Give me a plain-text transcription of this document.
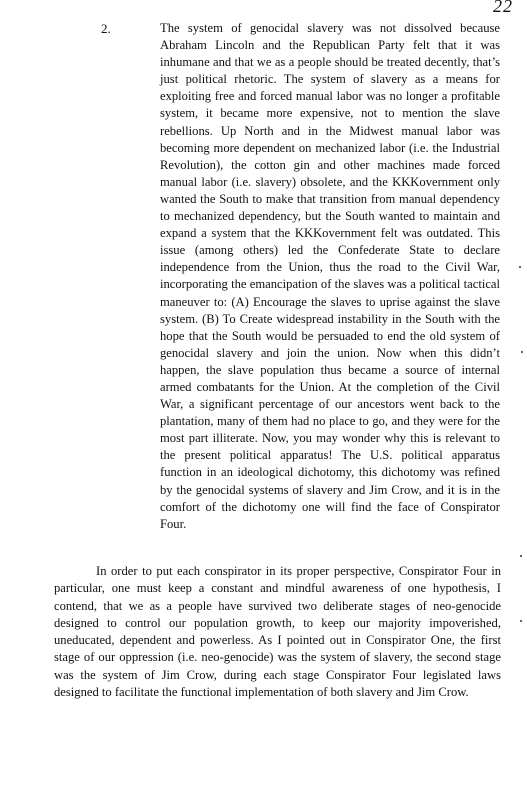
22
2.	The system of genocidal slavery was not dissolved because Abraham Lincoln and the Republican Party felt that it was inhumane and that we as a people should be treated decently, that’s just political rhetoric. The system of slavery as a means for exploiting free and forced manual labor was no longer a profitable system, it became more expensive, not to mention the slave rebellions. Up North and in the Midwest manual labor was becoming more dependent on mechanized labor (i.e. the Industrial Revolution), the cotton gin and other machines made forced manual labor (i.e. slavery) obsolete, and the KKKovernment only wanted the South to make that transition from manual dependency to mechanized dependency, but the South wanted to maintain and expand a system that the KKKovernment felt was outdated. This issue (among others) led the Confederate State to declare independence from the Union, thus the road to the Civil War, incorporating the emancipation of the slaves was a political tactical maneuver to: (A) Encourage the slaves to uprise against the slave system. (B) To Create widespread instability in the South with the hope that the South would be persuaded to end the old system of genocidal slavery and join the union. Now when this didn’t happen, the slave population thus became a source of internal armed combatants for the Union. At the completion of the Civil War, a significant percentage of our ancestors went back to the plantation, many of them had no place to go, and they were for the most part illiterate. Now, you may wonder why this is relevant to the present political apparatus! The U.S. political apparatus function in an ideological dichotomy, this dichotomy was refined by the genocidal systems of slavery and Jim Crow, and it is in the comfort of the dichotomy one will find the face of Conspirator Four.

In order to put each conspirator in its proper perspective, Conspirator Four in particular, one must keep a constant and mindful awareness of one hypothesis, I contend, that we as a people have survived two deliberate stages of neo-genocide designed to control our population growth, to keep our majority impoverished, uneducated, dependent and powerless. As I pointed out in Conspirator One, the first stage of our oppression (i.e. neo-genocide) was the system of slavery, the second stage was the system of Jim Crow, during each stage Conspirator Four legislated laws designed to facilitate the functional implementation of both slavery and Jim Crow.
